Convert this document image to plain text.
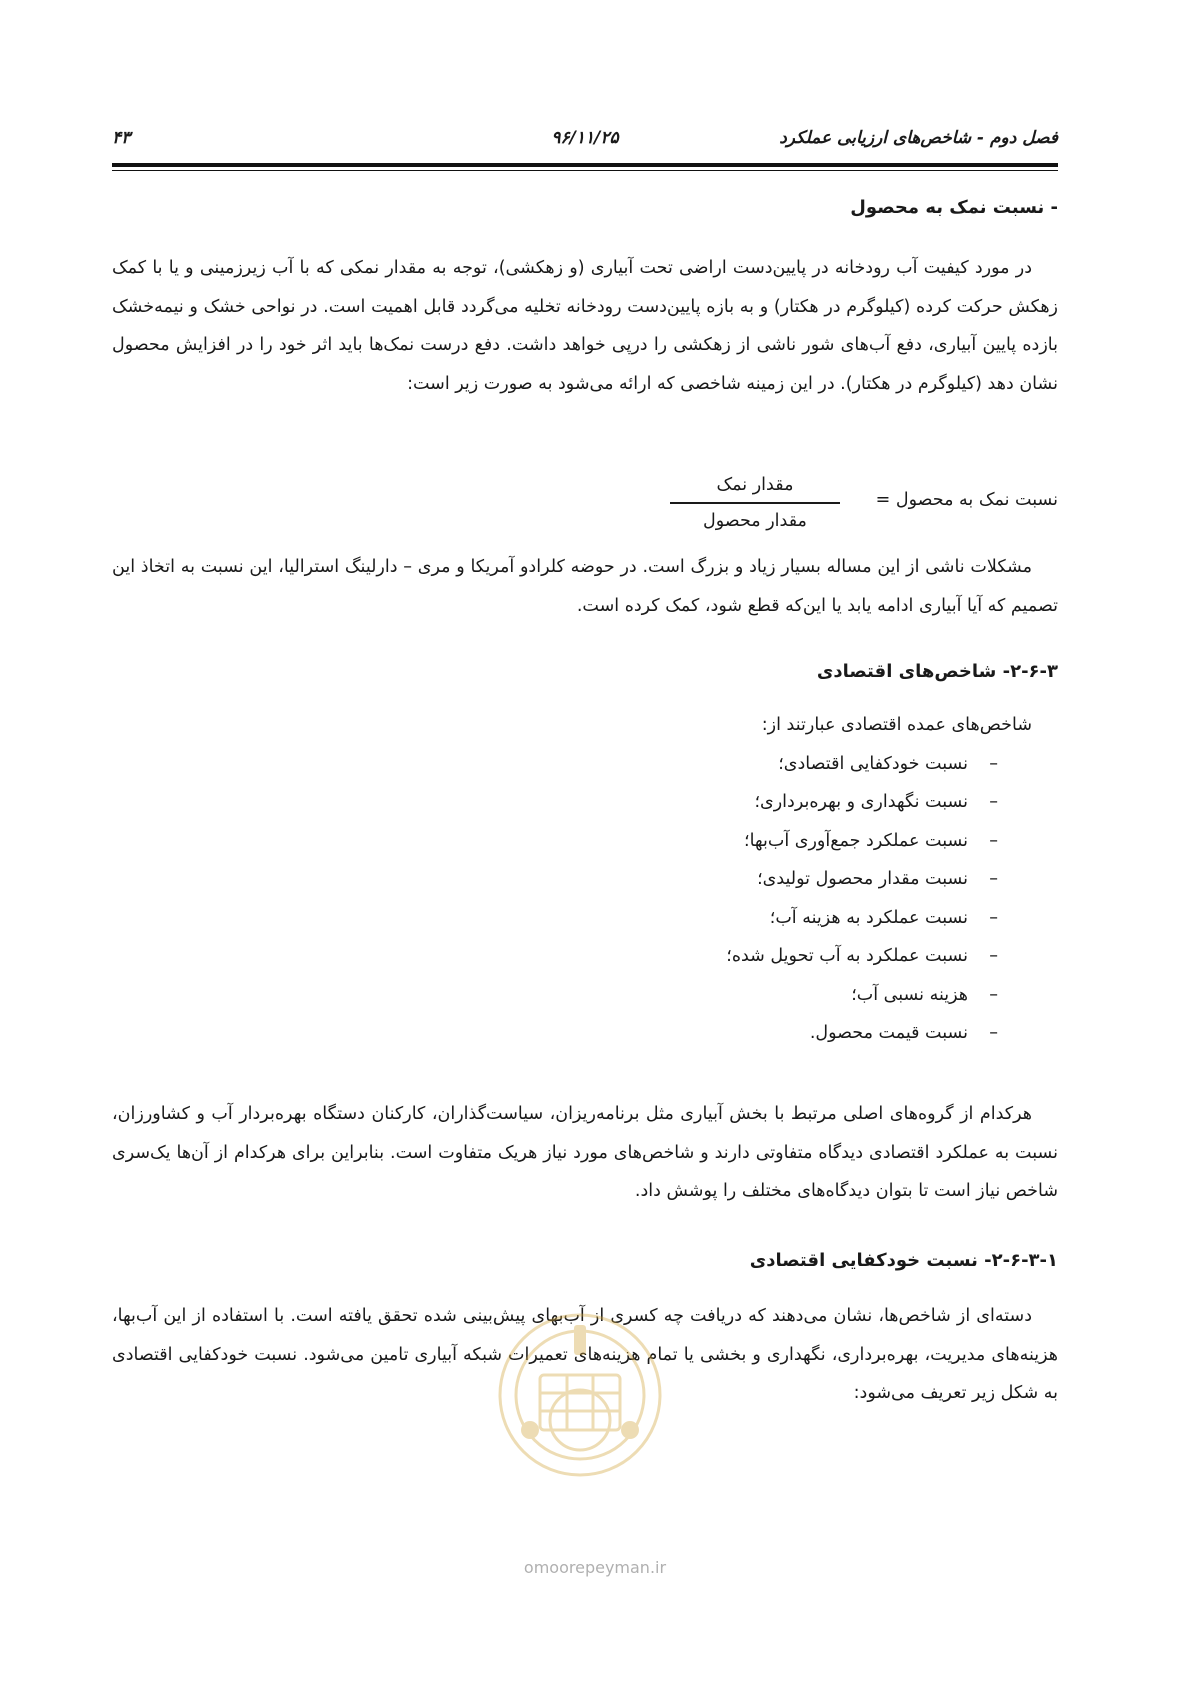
فصل دوم - شاخص‌های ارزیابی عملکرد
۹۶/۱۱/۲۵
۴۳

- نسبت نمک به محصول

در مورد کیفیت آب رودخانه در پایین‌دست اراضی تحت آبیاری (و زهکشی)، توجه به مقدار نمکی که با آب زیرزمینی و یا با کمک زهکش حرکت کرده (کیلوگرم در هکتار) و به بازه پایین‌دست رودخانه تخلیه می‌گردد قابل اهمیت است. در نواحی خشک و نیمه‌خشک بازده پایین آبیاری، دفع آب‌های شور ناشی از زهکشی را درپی خواهد داشت. دفع درست نمک‌ها باید اثر خود را در افزایش محصول نشان دهد (کیلوگرم در هکتار). در این زمینه شاخصی که ارائه می‌شود به صورت زیر است:

نسبت نمک به محصول =
مقدار نمک
مقدار محصول

مشکلات ناشی از این مساله بسیار زیاد و بزرگ است. در حوضه کلرادو آمریکا و مری – دارلینگ استرالیا، این نسبت به اتخاذ این تصمیم که آیا آبیاری ادامه یابد یا این‌که قطع شود، کمک کرده است.

۲-۶-۳- شاخص‌های اقتصادی

شاخص‌های عمده اقتصادی عبارتند از:

–
نسبت خودکفایی اقتصادی؛
–
نسبت نگهداری و بهره‌برداری؛
–
نسبت عملکرد جمع‌آوری آب‌بها؛
–
نسبت مقدار محصول تولیدی؛
–
نسبت عملکرد به هزینه آب؛
–
نسبت عملکرد به آب تحویل شده؛
–
هزینه نسبی آب؛
–
نسبت قیمت محصول.

هرکدام از گروه‌های اصلی مرتبط با بخش آبیاری مثل برنامه‌ریزان، سیاست‌گذاران، کارکنان دستگاه بهره‌بردار آب و کشاورزان، نسبت به عملکرد اقتصادی دیدگاه متفاوتی دارند و شاخص‌های مورد نیاز هریک متفاوت است. بنابراین برای هرکدام از آن‌ها یک‌سری شاخص نیاز است تا بتوان دیدگاه‌های مختلف را پوشش داد.

۲-۶-۳-۱- نسبت خودکفایی اقتصادی

دسته‌ای از شاخص‌ها، نشان می‌دهند که دریافت چه کسری از آب‌بهای پیش‌بینی شده تحقق یافته است. با استفاده از این آب‌بها، هزینه‌های مدیریت، بهره‌برداری، نگهداری و بخشی یا تمام هزینه‌های تعمیرات شبکه آبیاری تامین می‌شود. نسبت خودکفایی اقتصادی به شکل زیر تعریف می‌شود:

omoorepeyman.ir
